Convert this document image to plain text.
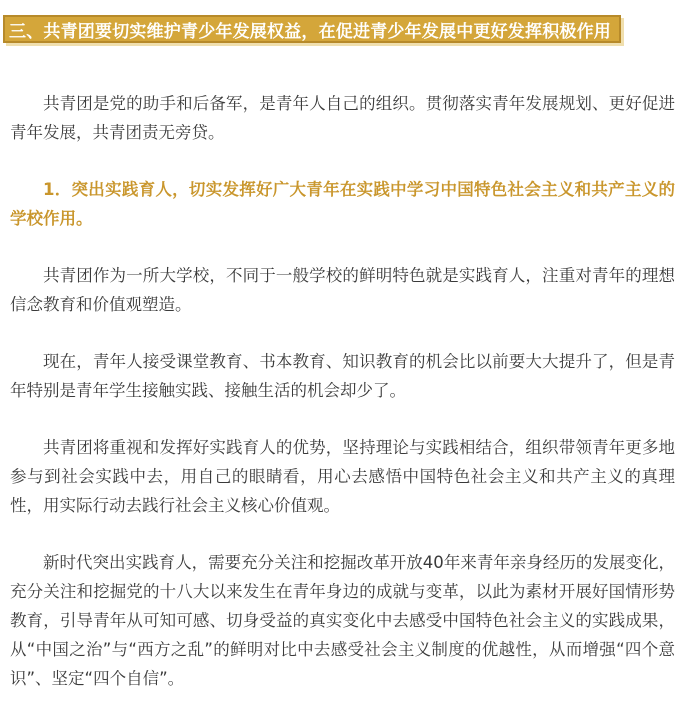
三、共青团要切实维护青少年发展权益，在促进青少年发展中更好发挥积极作用

共青团是党的助手和后备军，是青年人自己的组织。贯彻落实青年发展规划、更好促进青年发展，共青团责无旁贷。

1．突出实践育人，切实发挥好广大青年在实践中学习中国特色社会主义和共产主义的学校作用。

共青团作为一所大学校，不同于一般学校的鲜明特色就是实践育人，注重对青年的理想信念教育和价值观塑造。

现在，青年人接受课堂教育、书本教育、知识教育的机会比以前要大大提升了，但是青年特别是青年学生接触实践、接触生活的机会却少了。

共青团将重视和发挥好实践育人的优势，坚持理论与实践相结合，组织带领青年更多地参与到社会实践中去，用自己的眼睛看，用心去感悟中国特色社会主义和共产主义的真理性，用实际行动去践行社会主义核心价值观。

新时代突出实践育人，需要充分关注和挖掘改革开放40年来青年亲身经历的发展变化，充分关注和挖掘党的十八大以来发生在青年身边的成就与变革，以此为素材开展好国情形势教育，引导青年从可知可感、切身受益的真实变化中去感受中国特色社会主义的实践成果，从“中国之治”与“西方之乱”的鲜明对比中去感受社会主义制度的优越性，从而增强“四个意识”、坚定“四个自信”。
